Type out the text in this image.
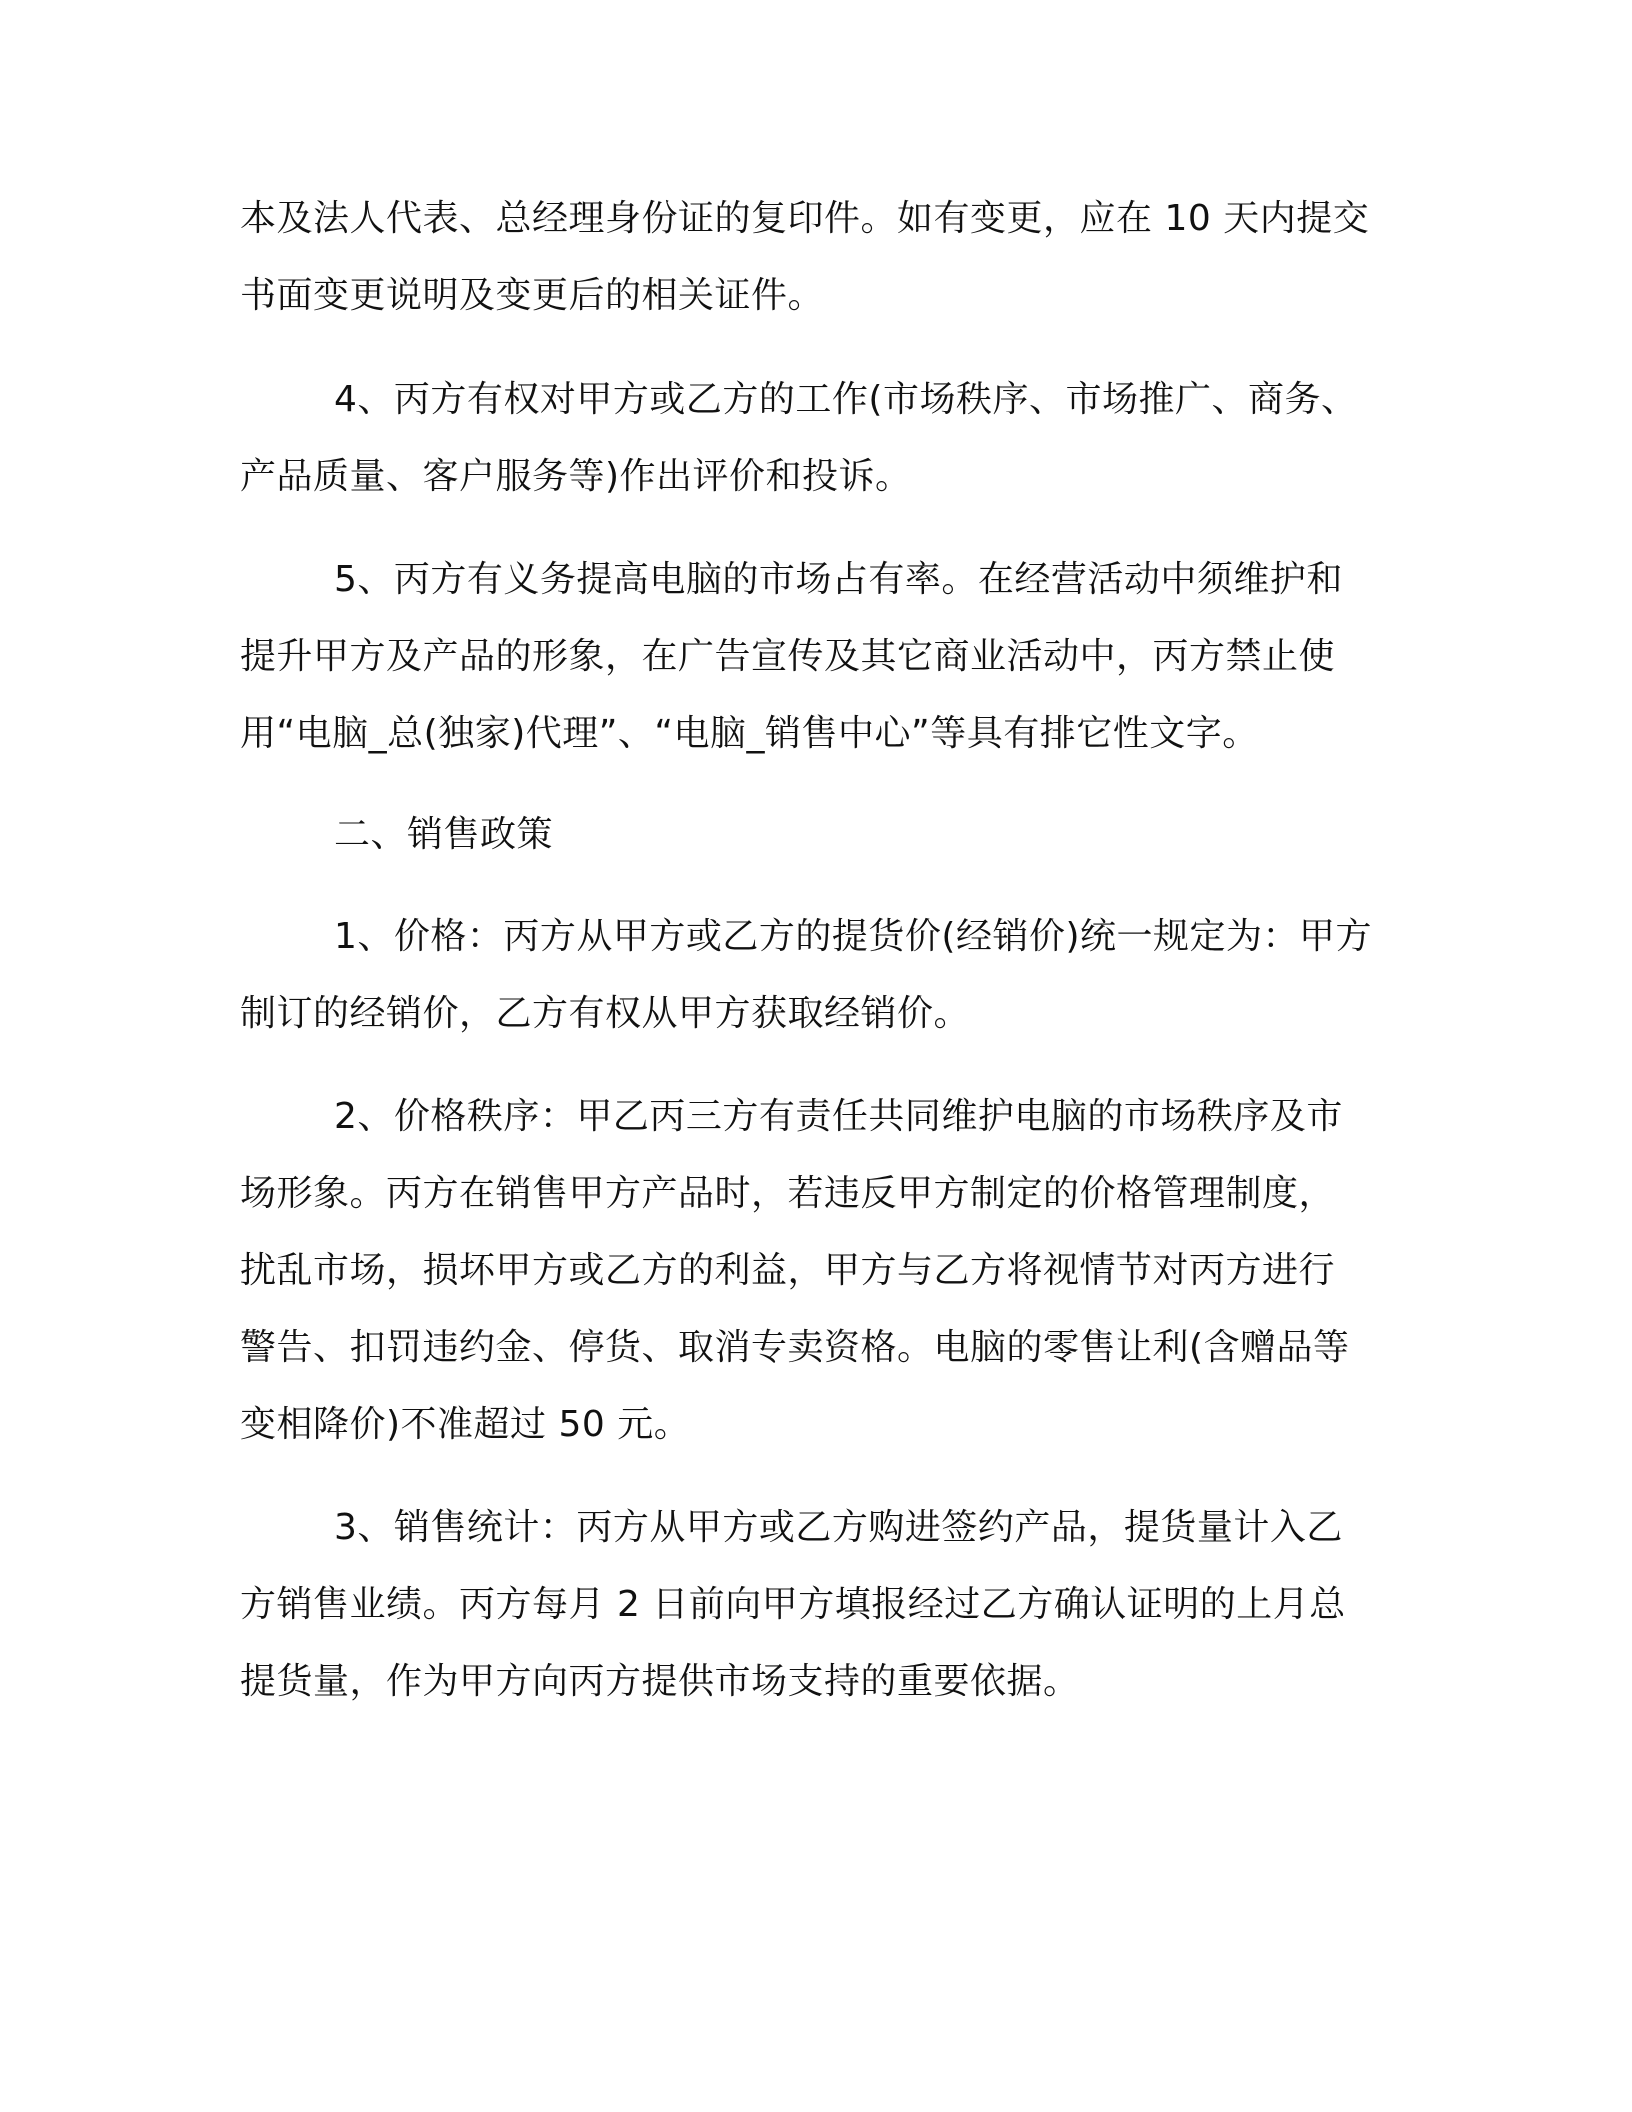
本及法人代表、总经理身份证的复印件。如有变更，应在 10 天内提交
书面变更说明及变更后的相关证件。

4、丙方有权对甲方或乙方的工作(市场秩序、市场推广、商务、
产品质量、客户服务等)作出评价和投诉。

5、丙方有义务提高电脑的市场占有率。在经营活动中须维护和
提升甲方及产品的形象，在广告宣传及其它商业活动中，丙方禁止使
用“电脑_总(独家)代理”、“电脑_销售中心”等具有排它性文字。

二、销售政策

1、价格：丙方从甲方或乙方的提货价(经销价)统一规定为：甲方
制订的经销价，乙方有权从甲方获取经销价。

2、价格秩序：甲乙丙三方有责任共同维护电脑的市场秩序及市
场形象。丙方在销售甲方产品时，若违反甲方制定的价格管理制度，
扰乱市场，损坏甲方或乙方的利益，甲方与乙方将视情节对丙方进行
警告、扣罚违约金、停货、取消专卖资格。电脑的零售让利(含赠品等
变相降价)不准超过 50 元。

3、销售统计：丙方从甲方或乙方购进签约产品，提货量计入乙
方销售业绩。丙方每月 2 日前向甲方填报经过乙方确认证明的上月总
提货量，作为甲方向丙方提供市场支持的重要依据。
